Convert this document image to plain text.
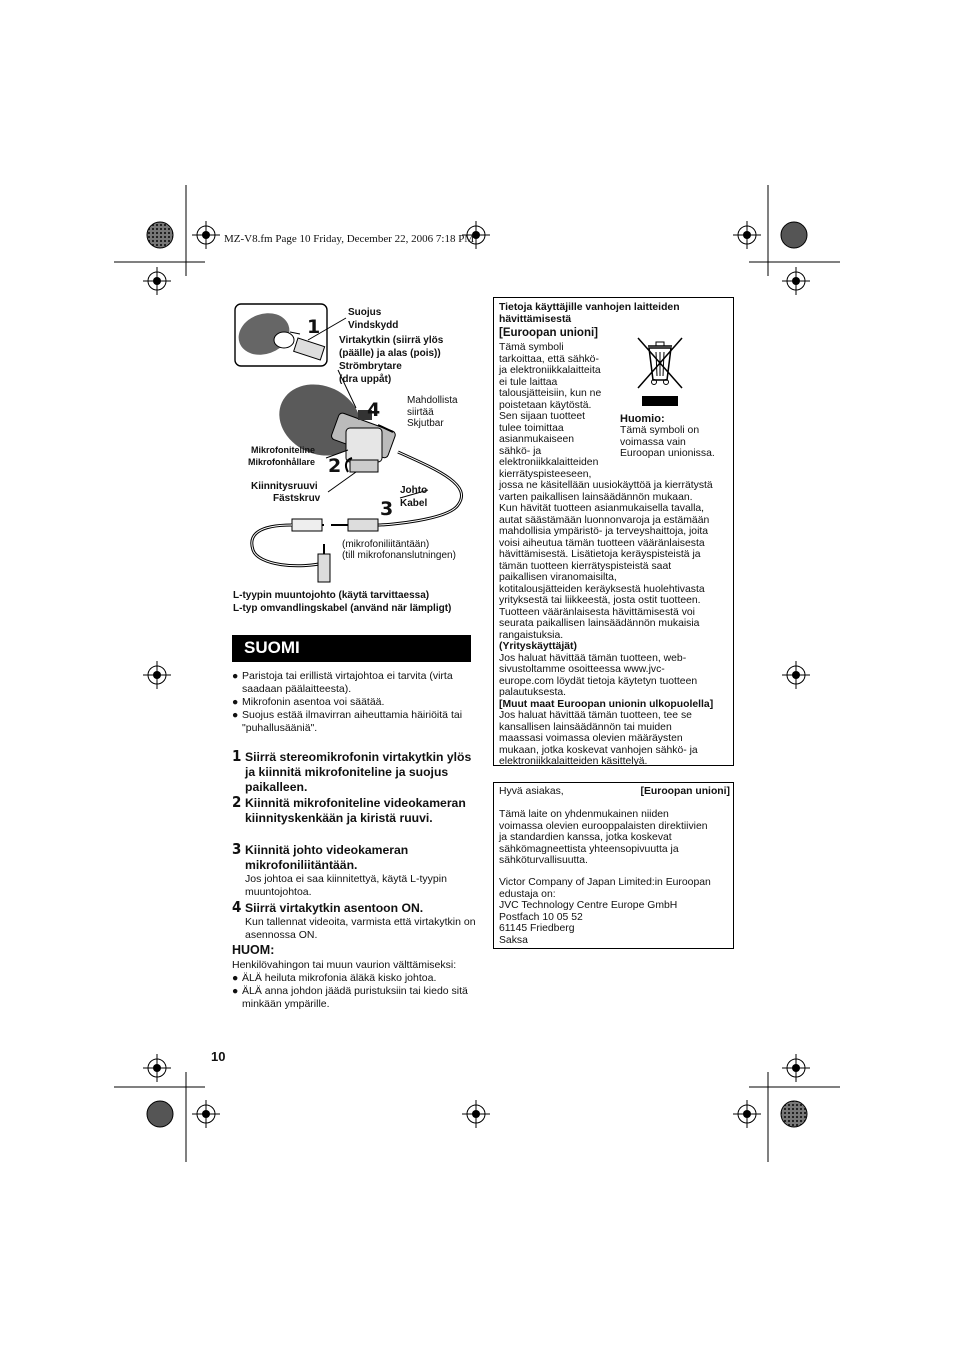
MZ-V8.fm Page 10 Friday, December 22, 2006 7:18 PM
1
4
2
3
Suojus
Vindskydd
Virtakytkin (siirrä ylös
(päälle) ja alas (pois))
Strömbrytare
(dra uppåt)
Mahdollista
siirtää
Skjutbar
Mikrofoniteline
Mikrofonhållare
Kiinnitysruuvi
Fästskruv
Johto
Kabel
(mikrofoniliitäntään)
(till mikrofonanslutningen)
L-tyypin muuntojohto (käytä tarvittaessa)
L-typ omvandlingskabel (använd när lämpligt)
SUOMI
● Paristoja tai erillistä virtajohtoa ei tarvita (virta saadaan päälaitteesta).
● Mikrofonin asentoa voi säätää.
● Suojus estää ilmavirran aiheuttamia häiriöitä tai "puhallusääniä".
1 Siirrä stereomikrofonin virtakytkin ylös ja kiinnitä mikrofoniteline ja suojus paikalleen.
2 Kiinnitä mikrofoniteline videokameran kiinnityskenkään ja kiristä ruuvi.
3 Kiinnitä johto videokameran mikrofoniliitäntään.
Jos johtoa ei saa kiinnitettyä, käytä L-tyypin muuntojohtoa.
4 Siirrä virtakytkin asentoon ON.
Kun tallennat videoita, varmista että virtakytkin on asennossa ON.
HUOM:
Henkilövahingon tai muun vaurion välttämiseksi:
● ÄLÄ heiluta mikrofonia äläkä kisko johtoa.
● ÄLÄ anna johdon jäädä puristuksiin tai kiedo sitä minkään ympärille.
10
Tietoja käyttäjille vanhojen laitteiden
hävittämisestä
[Euroopan unioni]
Tämä symboli
tarkoittaa, että sähkö-
ja elektroniikkalaitteita
ei tule laittaa
talousjätteisiin, kun ne
poistetaan käytöstä.
Sen sijaan tuotteet
tulee toimittaa
asianmukaiseen
sähkö- ja
elektroniikkalaitteiden
kierrätyspisteeseen,
Huomio:
Tämä symboli on
voimassa vain
Euroopan unionissa.
jossa ne käsitellään uusiokäyttöä ja kierrätystä
varten paikallisen lainsäädännön mukaan.
Kun hävität tuotteen asianmukaisella tavalla,
autat säästämään luonnonvaroja ja estämään
mahdollisia ympäristö- ja terveyshaittoja, joita
voisi aiheutua tämän tuotteen vääränlaisesta
hävittämisestä. Lisätietoja keräyspisteistä ja
tämän tuotteen kierrätyspisteistä saat
paikallisen viranomaisilta,
kotitalousjätteiden keräyksestä huolehtivasta
yrityksestä tai liikkeestä, josta ostit tuotteen.
Tuotteen vääränlaisesta hävittämisestä voi
seurata paikallisen lainsäädännön mukaisia
rangaistuksia.
(Yrityskäyttäjät)
Jos haluat hävittää tämän tuotteen, web-
sivustoltamme osoitteessa www.jvc-
europe.com löydät tietoja käytetyn tuotteen
palautuksesta.
[Muut maat Euroopan unionin ulkopuolella]
Jos haluat hävittää tämän tuotteen, tee se
kansallisen lainsäädännön tai muiden
maassasi voimassa olevien määräysten
mukaan, jotka koskevat vanhojen sähkö- ja
elektroniikkalaitteiden käsittelyä.
Hyvä asiakas,	[Euroopan unioni]
Tämä laite on yhdenmukainen niiden
voimassa olevien eurooppalaisten direktiivien
ja standardien kanssa, jotka koskevat
sähkömagneettista yhteensopivuutta ja
sähköturvallisuutta.
Victor Company of Japan Limited:in Euroopan
edustaja on:
JVC Technology Centre Europe GmbH
Postfach 10 05 52
61145 Friedberg
Saksa
